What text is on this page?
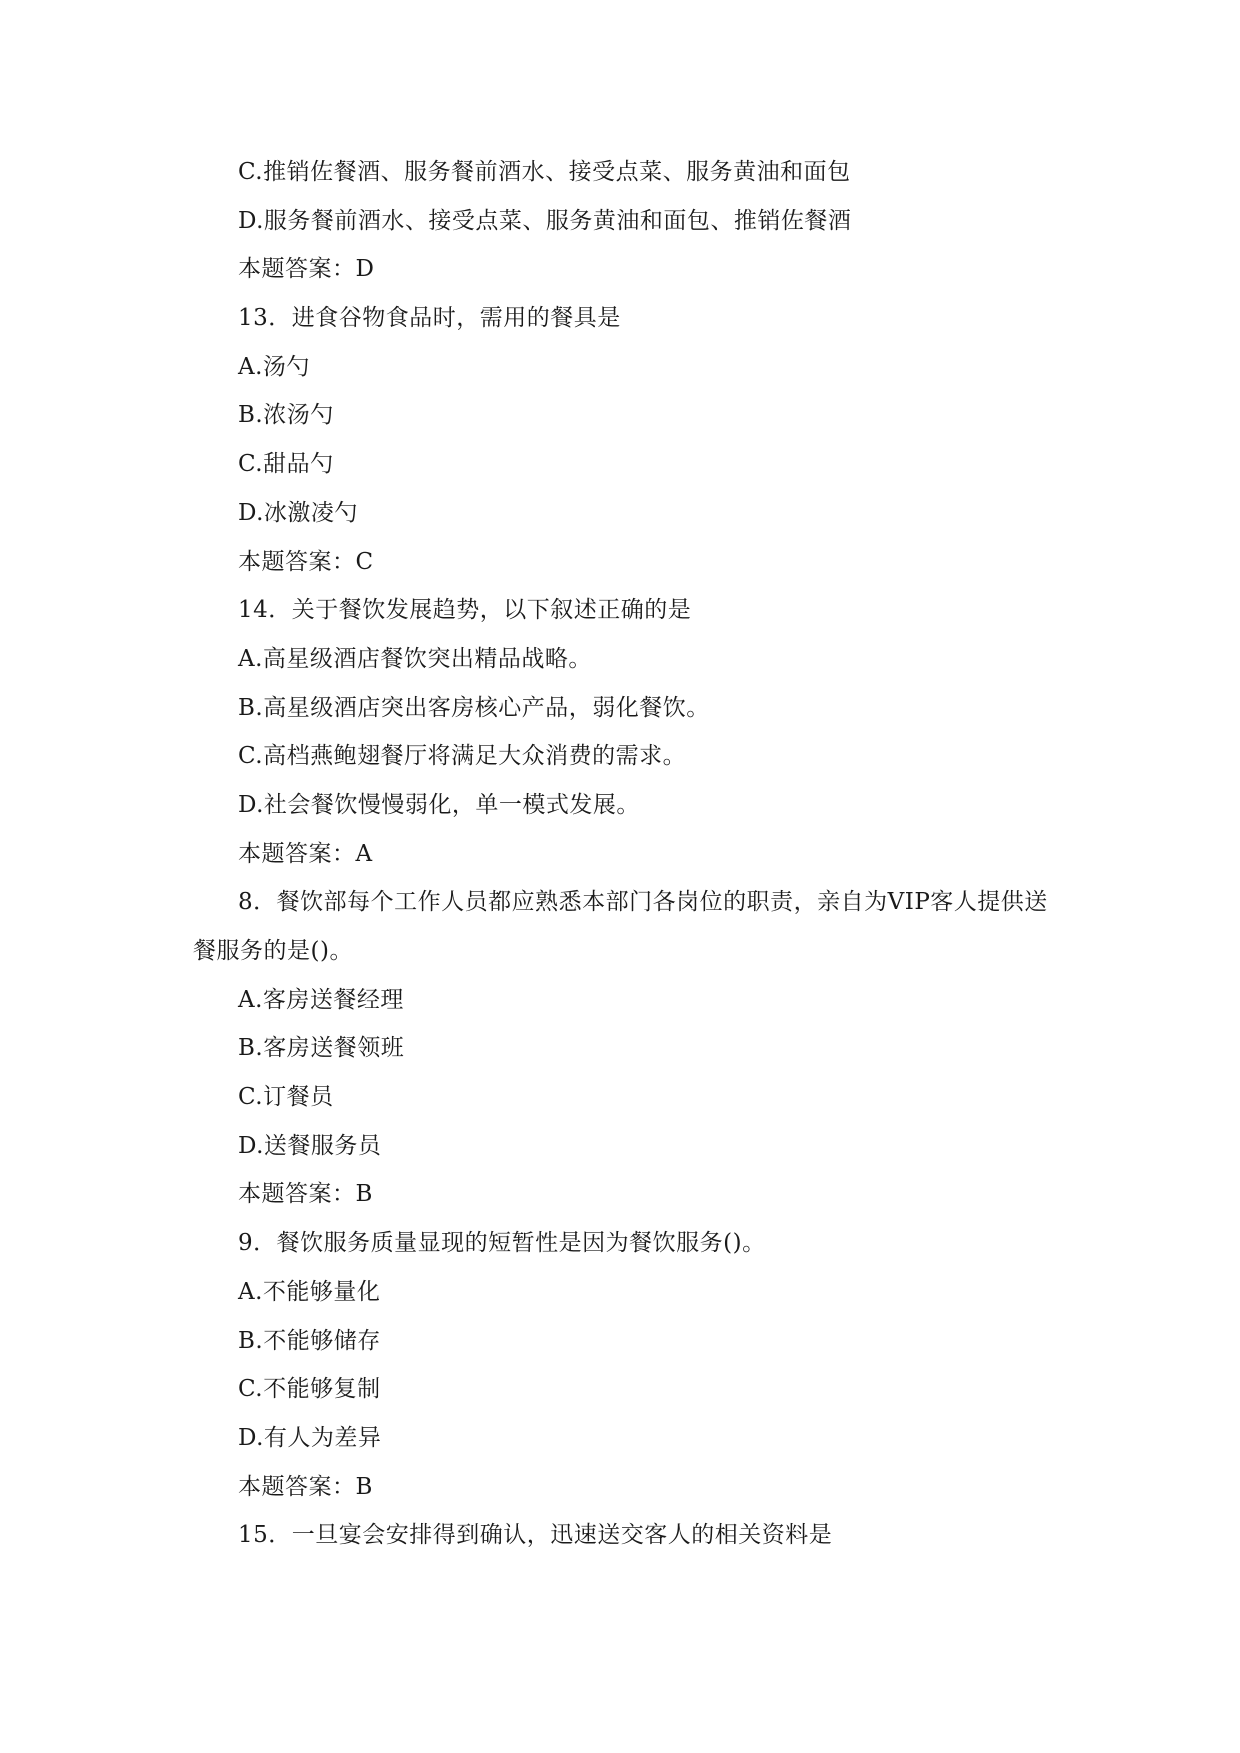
C.推销佐餐酒、服务餐前酒水、接受点菜、服务黄油和面包
D.服务餐前酒水、接受点菜、服务黄油和面包、推销佐餐酒
本题答案：D
13．进食谷物食品时，需用的餐具是
A.汤勺
B.浓汤勺
C.甜品勺
D.冰激凌勺
本题答案：C
14．关于餐饮发展趋势，以下叙述正确的是
A.高星级酒店餐饮突出精品战略。
B.高星级酒店突出客房核心产品，弱化餐饮。
C.高档燕鲍翅餐厅将满足大众消费的需求。
D.社会餐饮慢慢弱化，单一模式发展。
本题答案：A
8．餐饮部每个工作人员都应熟悉本部门各岗位的职责，亲自为VIP客人提供送餐服务的是()。
A.客房送餐经理
B.客房送餐领班
C.订餐员
D.送餐服务员
本题答案：B
9．餐饮服务质量显现的短暂性是因为餐饮服务()。
A.不能够量化
B.不能够储存
C.不能够复制
D.有人为差异
本题答案：B
15．一旦宴会安排得到确认，迅速送交客人的相关资料是
